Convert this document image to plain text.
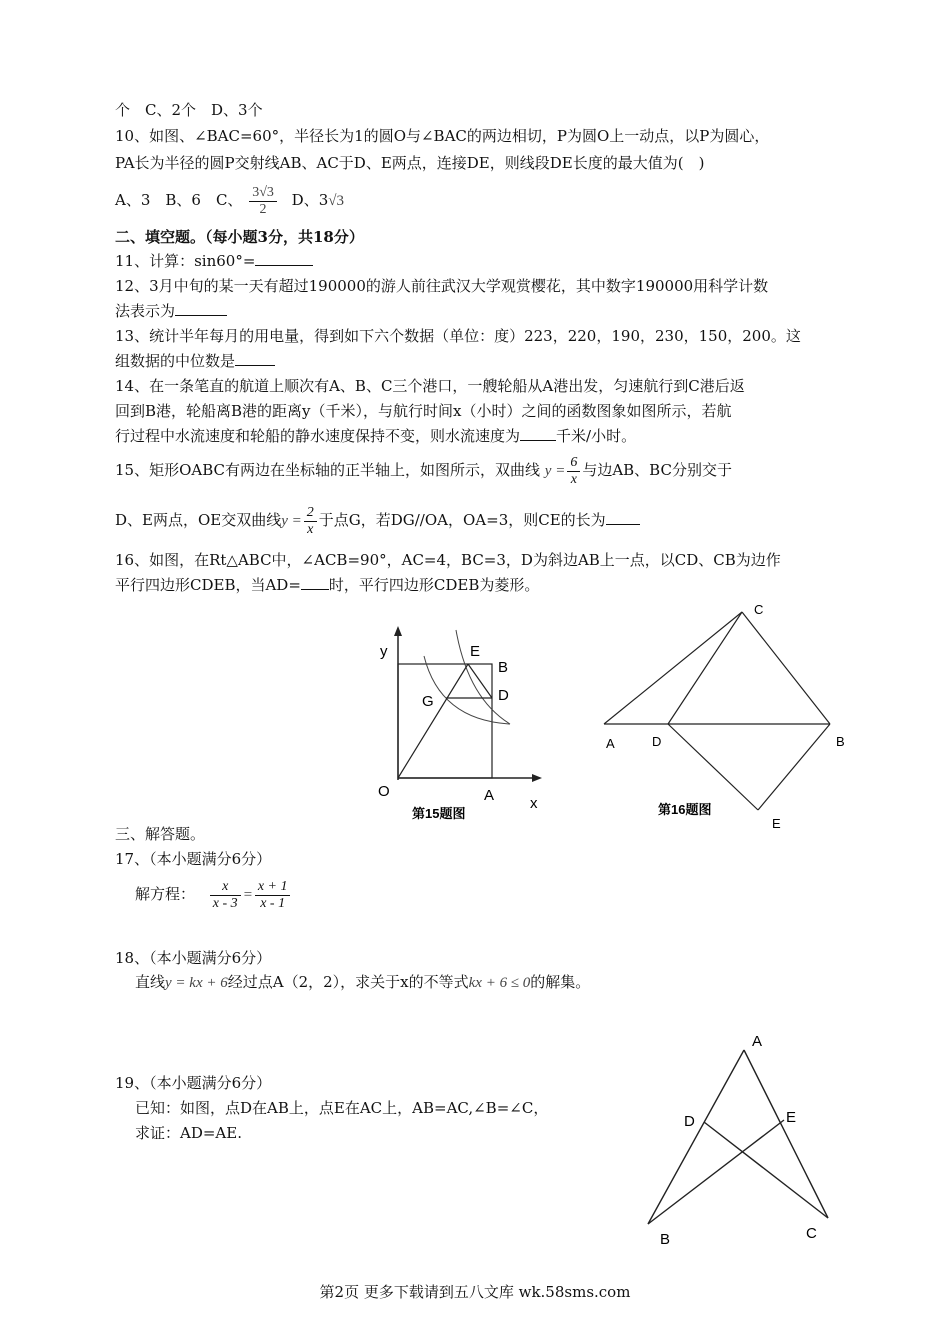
个　C、2个　D、3个
10、如图、∠BAC=60°，半径长为1的圆O与∠BAC的两边相切，P为圆O上一动点，以P为圆心，
PA长为半径的圆P交射线AB、AC于D、E两点，连接DE，则线段DE长度的最大值为(　)
A、3　B、6　C、 $\frac{3√3}{2}$ D、3√3
二、填空题。（每小题3分，共18分）
11、计算：sin60°=
12、3月中旬的某一天有超过190000的游人前往武汉大学观赏樱花，其中数字190000用科学计数
法表示为
13、统计半年每月的用电量，得到如下六个数据（单位：度）223，220，190，230，150，200。这
组数据的中位数是
14、在一条笔直的航道上顺次有A、B、C三个港口，一艘轮船从A港出发，匀速航行到C港后返
回到B港，轮船离B港的距离y（千米），与航行时间x（小时）之间的函数图象如图所示，若航
行过程中水流速度和轮船的静水速度保持不变，则水流速度为 千米/小时。
15、矩形OABC有两边在坐标轴的正半轴上，如图所示，双曲线 $y = \frac{6}{x}$ 与边AB、BC分别交于
D、E两点，OE交双曲线$y = \frac{2}{x}$ 于点G，若DG//OA，OA=3，则CE的长为
16、如图，在Rt△ABC中，∠ACB=90°，AC=4，BC=3，D为斜边AB上一点，以CD、CB为边作
平行四边形CDEB，当AD= 时，平行四边形CDEB为菱形。
y
O	A x
E
B
D
G
第15题图
C
A	D	B
E
第16题图
三、解答题。
17、（本小题满分6分）
解方程： $\frac{x}{x - 3} = \frac{x + 1}{x - 1}$
18、（本小题满分6分）
直线y = kx + 6经过点A（2，2），求关于x的不等式kx + 6 ≤ 0的解集。
19、（本小题满分6分）
已知：如图，点D在AB上，点E在AC上，AB=AC,∠B=∠C，
求证：AD=AE.
A
D	E
B	C
第2页 更多下载请到五八文库 wk.58sms.com
